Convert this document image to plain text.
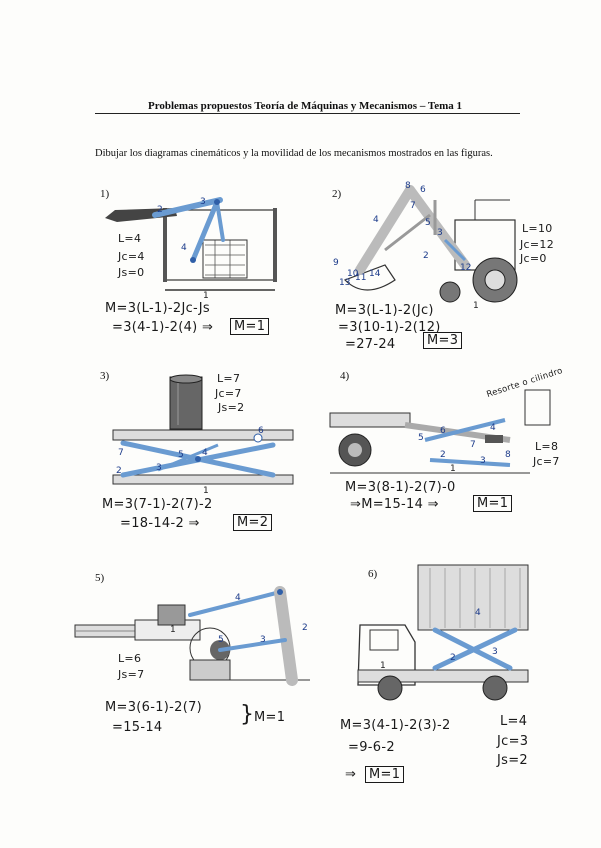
Problemas propuestos Teoría de Máquinas y Mecanismos – Tema 1
Dibujar los diagramas cinemáticos y la movilidad de los mecanismos mostrados en las figuras.
1)
2
3
4
1
L=4
Jc=4
Js=0
M=3(L-1)-2Jc-Js
=3(4-1)-2(4) ⇒	M=1
2)
8 6
4
7
5
3
2
9
10
13 11 14
12
1
L=10
Jc=12
Jc=0
M=3(L-1)-2(Jc)
=3(10-1)-2(12)
=27-24	M=3
3)
7
2
5
3
4
6
1
L=7
Jc=7
Js=2
M=3(7-1)-2(7)-2
=18-14-2 ⇒	M=2
4)
5
6	4
7
2
3
8
1
Resorte o cilindro
L=8
Jc=7
M=3(8-1)-2(7)-0
⇒M=15-14 ⇒	M=1
5)
4
3
2
5
1
L=6
Js=7
M=3(6-1)-2(7)
=15-14
} M=1
6)
4
2
3
1
M=3(4-1)-2(3)-2
=9-6-2
⇒ M=1
L=4
Jc=3
Js=2
